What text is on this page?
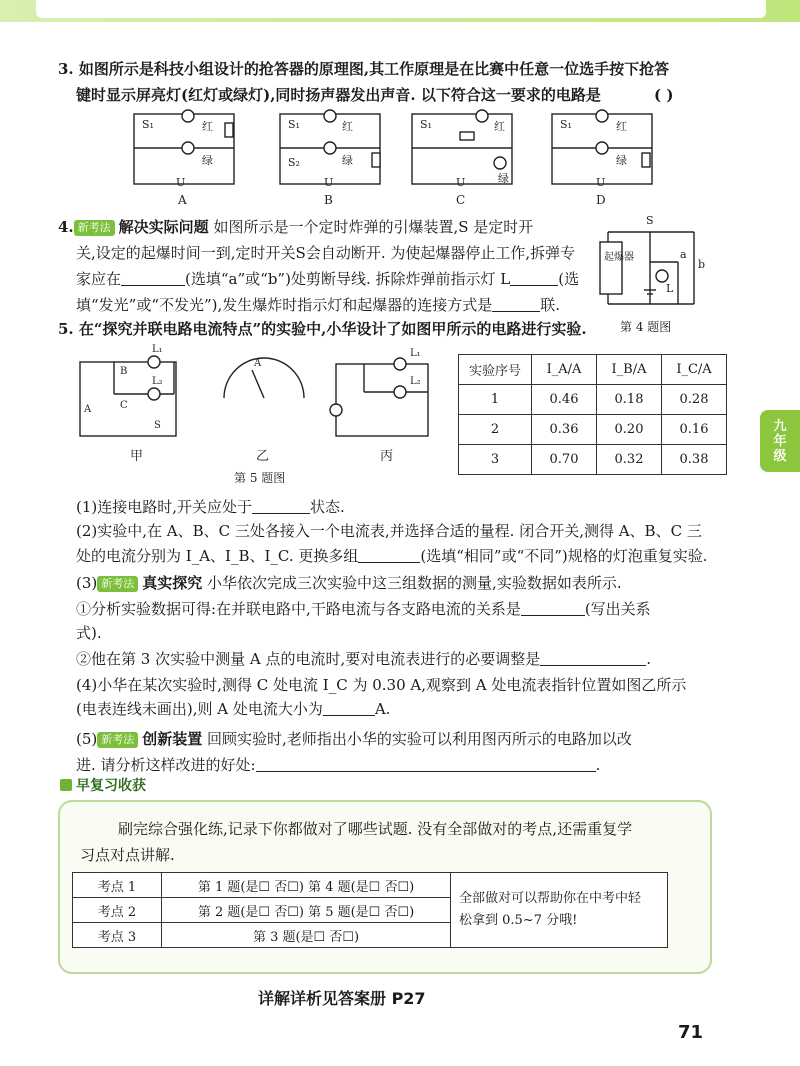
九
年
级
3. 如图所示是科技小组设计的抢答器的原理图,其工作原理是在比赛中任意一位选手按下抢答
键时显示屏亮灯(红灯或绿灯),同时扬声器发出声音. 以下符合这一要求的电路是	( )
S₁	红
绿
U
S₁
S₂
红
绿
U
S₁	红
绿
U
S₁	红
绿
U
A	B	C	D
4. 新考法 解决实际问题 如图所示是一个定时炸弹的引爆装置,S 是定时开
关,设定的起爆时间一到,定时开关S会自动断开. 为使起爆器停止工作,拆弹专
家应在	(选填“a”或“b”)处剪断导线. 拆除炸弹前指示灯 L	(选
填“发光”或“不发光”),发生爆炸时指示灯和起爆器的连接方式是	联.
S
a
b
L
起爆器
第 4 题图
5. 在“探究并联电路电流特点”的实验中,小华设计了如图甲所示的电路进行实验.
L₁
L₂
B
C
A
S
A
L₁
L₂
甲	乙	丙
第 5 题图
实验序号	I_A/A	I_B/A	I_C/A
1	0.46	0.18	0.28
2	0.36	0.20	0.16
3	0.70	0.32	0.38
(1)连接电路时,开关应处于	状态.
(2)实验中,在 A、B、C 三处各接入一个电流表,并选择合适的量程. 闭合开关,测得 A、B、C 三
处的电流分别为 I_A、I_B、I_C. 更换多组	(选填“相同”或“不同”)规格的灯泡重复实验.
(3) 新考法 真实探究 小华依次完成三次实验中这三组数据的测量,实验数据如表所示.
①分析实验数据可得:在并联电路中,干路电流与各支路电流的关系是	(写出关系
式).
②他在第 3 次实验中测量 A 点的电流时,要对电流表进行的必要调整是	.
(4)小华在某次实验时,测得 C 处电流 I_C 为 0.30 A,观察到 A 处电流表指针位置如图乙所示
(电表连线未画出),则 A 处电流大小为	A.
(5) 新考法 创新装置 回顾实验时,老师指出小华的实验可以利用图丙所示的电路加以改
进. 请分析这样改进的好处:	.
早复习收获
刷完综合强化练,记录下你都做对了哪些试题. 没有全部做对的考点,还需重复学
习点对点讲解.
考点 1	第 1 题(是☐ 否☐) 第 4 题(是☐ 否☐)	全部做对可以帮助你在中考中轻
松拿到 0.5~7 分哦!

考点 2	第 2 题(是☐ 否☐) 第 5 题(是☐ 否☐)	
考点 3	第 3 题(是☐ 否☐)	
详解详析见答案册 P27
71
